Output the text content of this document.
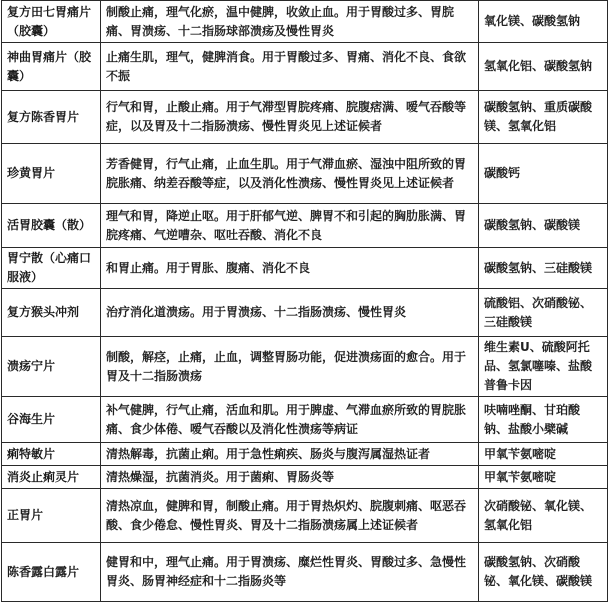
复方田七胃痛片（胶囊）	制酸止痛，理气化瘀，温中健脾，收敛止血。用于胃酸过多、胃脘痛、胃溃疡、十二指肠球部溃疡及慢性胃炎	氧化镁、碳酸氢钠
神曲胃痛片（胶囊）	止痛生肌，理气，健脾消食。用于胃酸过多、胃痛、消化不良、食欲不振	氢氧化铝、碳酸氢钠
复方陈香胃片	行气和胃，止酸止痛。用于气滞型胃脘疼痛、脘腹痞满、嗳气吞酸等症，以及胃及十二指肠溃疡、慢性胃炎见上述证候者	碳酸氢钠、重质碳酸镁、氢氧化铝
珍黄胃片	芳香健胃，行气止痛，止血生肌。用于气滞血瘀、湿浊中阻所致的胃脘胀痛、纳差吞酸等症，以及消化性溃疡、慢性胃炎见上述证候者	碳酸钙
活胃胶囊（散）	理气和胃，降逆止呕。用于肝郁气逆、脾胃不和引起的胸肋胀满、胃脘疼痛、气逆嘈杂、呕吐吞酸、消化不良	碳酸氢钠、碳酸镁
胃宁散（心痛口服液）	和胃止痛。用于胃胀、腹痛、消化不良	碳酸氢钠、三硅酸镁
复方猴头冲剂	治疗消化道溃疡。用于胃溃疡、十二指肠溃疡、慢性胃炎	硫酸铝、次硝酸铋、三硅酸镁
溃疡宁片	制酸，解痉，止痛，止血，调整胃肠功能，促进溃疡面的愈合。用于胃及十二指肠溃疡	维生素U、硫酸阿托品、氢氯噻嗪、盐酸普鲁卡因
谷海生片	补气健脾，行气止痛，活血和肌。用于脾虚、气滞血瘀所致的胃脘胀痛、食少体倦、嗳气吞酸以及消化性溃疡等病证	呋喃唑酮、甘珀酸钠、盐酸小檗碱
痢特敏片	清热解毒，抗菌止痢。用于急性痢疾、肠炎与腹泻属湿热证者	甲氧苄氨嘧啶
消炎止痢灵片	清热燥湿，抗菌消炎。用于菌痢、胃肠炎等	甲氧苄氨嘧啶
正胃片	清热凉血，健脾和胃，制酸止痛。用于胃热炽灼、脘腹刺痛、呕恶吞酸、食少倦怠、慢性胃炎、胃及十二指肠溃疡属上述证候者	次硝酸铋、氧化镁、氢氧化铝
陈香露白露片	健胃和中，理气止痛。用于胃溃疡、糜烂性胃炎、胃酸过多、急慢性胃炎、肠胃神经症和十二指肠炎等	碳酸氢钠、次硝酸铋、氧化镁、碳酸镁
